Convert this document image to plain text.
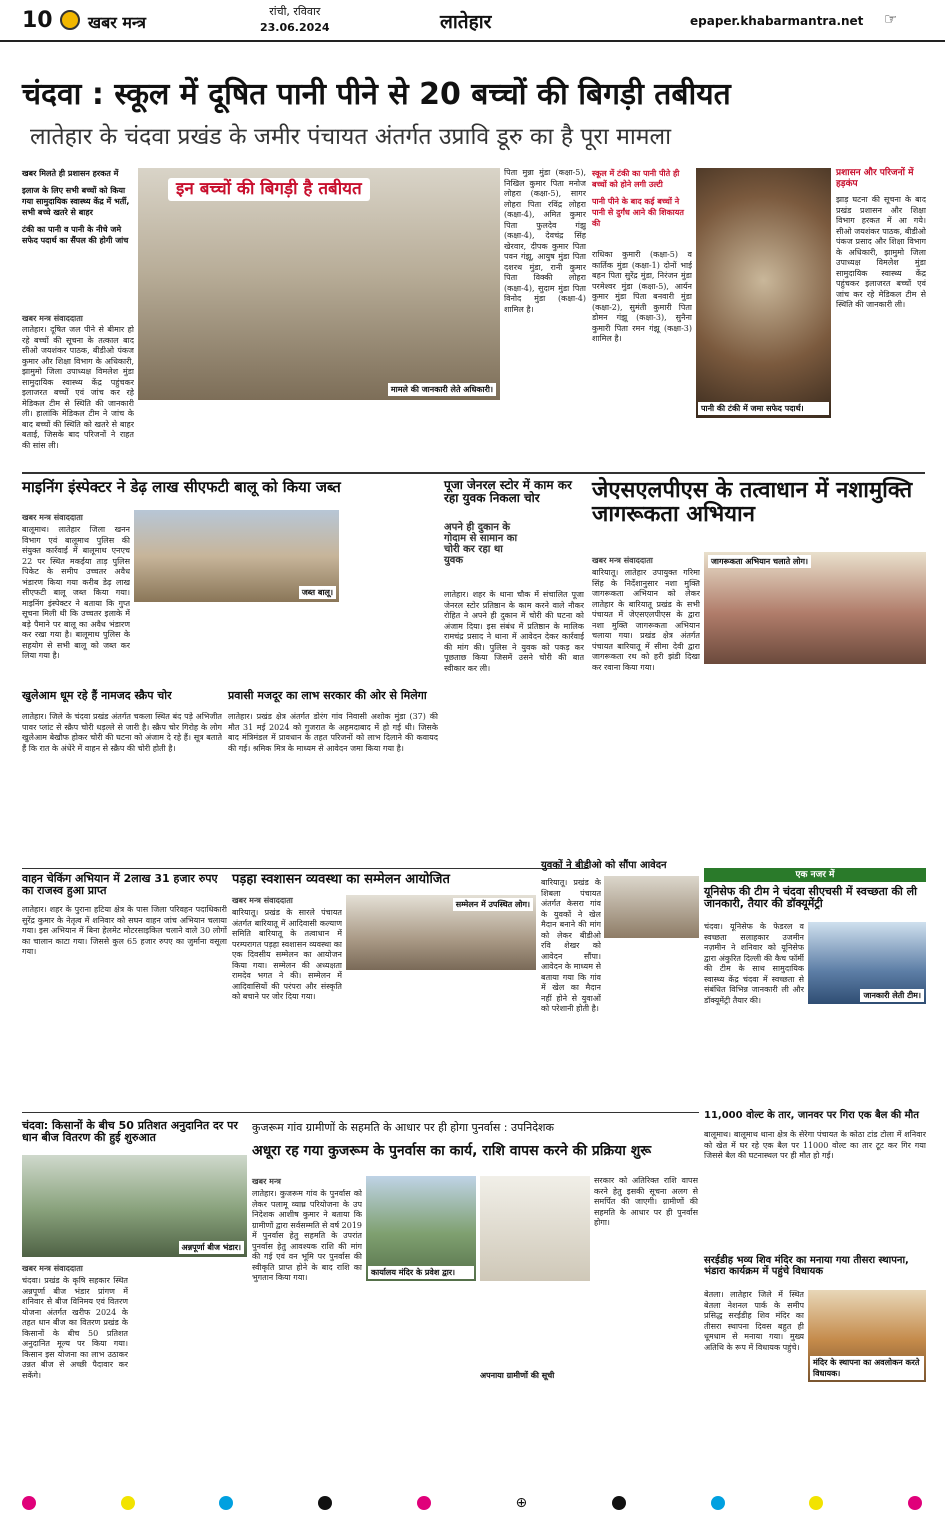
10 खबर मन्त्र
रांची, रविवार
23.06.2024	लातेहार	epaper.khabarmantra.net ☞
चंदवा : स्कूल में दूषित पानी पीने से 20 बच्चों की बिगड़ी तबीयत
लातेहार के चंदवा प्रखंड के जमीर पंचायत अंतर्गत उप्रावि डूरु का है पूरा मामला
खबर मिलते ही प्रशासन हरकत में
इलाज के लिए सभी बच्चों को किया गया सामुदायिक स्वास्थ्य केंद्र में भर्ती, सभी बच्चे खतरे से बाहर
टंकी का पानी व पानी के नीचे जमे सफेद पदार्थ का सैंपल की होगी जांच
खबर मन्त्र संवाददाता
लातेहार। दूषित जल पीने से बीमार हो रहे बच्चों की सूचना के तत्काल बाद सीओ जयशंकर पाठक, बीडीओ पंकज कुमार और शिक्षा विभाग के अधिकारी, झामुमो जिला उपाध्यक्ष विमलेश मुंडा सामुदायिक स्वास्थ्य केंद्र पहुंचकर इलाजरत बच्चों एवं जांच कर रहे मेडिकल टीम से स्थिति की जानकारी ली। हालांकि मेडिकल टीम ने जांच के बाद बच्चों की स्थिति को खतरे से बाहर बताई, जिसके बाद परिजनों ने राहत की सांस ली।
इन बच्चों की बिगड़ी है तबीयत
मामले की जानकारी लेते अधिकारी।
पिता मुन्ना मुंडा (कक्षा-5), निखिल कुमार पिता मनोज लोहरा (कक्षा-5), सागर लोहरा पिता रविंद्र लोहरा (कक्षा-4), अमित कुमार पिता फुलदेव गंझू (कक्षा-4), देवचंद्र सिंह खेरवार, दीपक कुमार पिता पवन गंझू, आयुष मुंडा पिता दशरथ मुंडा, रानी कुमार पिता विक्की लोहरा (कक्षा-4), सुदाम मुंडा पिता विनोद मुंडा (कक्षा-4) शामिल है।
स्कूल में टंकी का पानी पीते ही बच्चों को होने लगी उल्टी
पानी पीने के बाद कई बच्चों ने पानी से दुर्गंध आने की शिकायत की
राधिका कुमारी (कक्षा-5) व कार्तिक मुंडा (कक्षा-1) दोनों भाई बहन पिता सुरेंद्र मुंडा, निरंजन मुंडा परमेश्वर मुंडा (कक्षा-5), आर्यन कुमार मुंडा पिता बनवारी मुंडा (कक्षा-2), सुमंती कुमारी पिता डोमन गंझू (कक्षा-3), सुनैना कुमारी पिता रमन गंझू (कक्षा-3) शामिल है।
पानी की टंकी में जमा सफेद पदार्थ।
प्रशासन और परिजनों में हड़कंप
झाड़ घटना की सूचना के बाद प्रखंड प्रशासन और शिक्षा विभाग हरकत में आ गये। सीओ जयशंकर पाठक, बीडीओ पंकज प्रसाद और शिक्षा विभाग के अधिकारी, झामुमो जिला उपाध्यक्ष विमलेश मुंडा सामुदायिक स्वास्थ्य केंद्र पहुंचकर इलाजरत बच्चों एवं जांच कर रहे मेडिकल टीम से स्थिति की जानकारी ली।
माइनिंग इंस्पेक्टर ने डेढ़ लाख सीएफटी बालू को किया जब्त
खबर मन्त्र संवाददाता
बालूमाथ। लातेहार जिला खनन विभाग एवं बालूमाथ पुलिस की संयुक्त कार्रवाई में बालूमाथ एनएच 22 पर स्थित मकईया ताड़ पुलिस पिकेट के समीप उच्चतर अवैध भंडारण किया गया करीब डेढ़ लाख सीएफटी बालू जब्त किया गया। माइनिंग इंस्पेक्टर ने बताया कि गुप्त सूचना मिली थी कि उच्चतर इलाके में बड़े पैमाने पर बालू का अवैध भंडारण कर रखा गया है। बालूमाथ पुलिस के सहयोग से सभी बालू को जब्त कर लिया गया है।
जब्त बालू।
पूजा जेनरल स्टोर में काम कर रहा युवक निकला चोर
अपने ही दुकान के गोदाम से सामान का चोरी कर रहा था युवक
लातेहार। शहर के थाना चौक में संचालित पूजा जेनरल स्टोर प्रतिष्ठान के काम करने वाले नौकर रोहित ने अपने ही दुकान में चोरी की घटना को अंजाम दिया। इस संबंध में प्रतिष्ठान के मालिक रामचंद्र प्रसाद ने थाना में आवेदन देकर कार्रवाई की मांग की। पुलिस ने युवक को पकड़ कर पूछताछ किया जिसमें उसने चोरी की बात स्वीकार कर ली।
जेएसएलपीएस के तत्वाधान में नशामुक्ति जागरूकता अभियान
खबर मन्त्र संवाददाता
बारियातू। लातेहार उपायुक्त गरिमा सिंह के निर्देशानुसार नशा मुक्ति जागरूकता अभियान को लेकर लातेहार के बारियातू प्रखंड के सभी पंचायत में जेएसएलपीएस के द्वारा नशा मुक्ति जागरूकता अभियान चलाया गया। प्रखंड क्षेत्र अंतर्गत पंचायत बारियातू में सीमा देवी द्वारा जागरूकता रथ को हरी झंडी दिखा कर रवाना किया गया।
जागरूकता अभियान चलाते लोग।
खुलेआम धूम रहे हैं नामजद स्क्रैप चोर
लातेहार। जिले के चंदवा प्रखंड अंतर्गत चकला स्थित बंद पड़े अभिजीत पावर प्लांट से स्क्रैप चोरी धड़ल्ले से जारी है। स्क्रैप चोर गिरोह के लोग खुलेआम बेखौफ होकर चोरी की घटना को अंजाम दे रहे हैं। सूत्र बताते हैं कि रात के अंधेरे में वाहन से स्क्रैप की चोरी होती है।
प्रवासी मजदूर का लाभ सरकार की ओर से मिलेगा
लातेहार। प्रखंड क्षेत्र अंतर्गत डोरंग गांव निवासी अशोक मुंडा (37) की मौत 31 मई 2024 को गुजरात के अहमदाबाद में हो गई थी। जिसके बाद मंत्रिमंडल में प्रावधान के तहत परिजनों को लाभ दिलाने की कवायद की गई। श्रमिक मित्र के माध्यम से आवेदन जमा किया गया है।
वाहन चेकिंग अभियान में 2लाख 31 हजार रुपए का राजस्व हुआ प्राप्त
लातेहार। शहर के पुराना हटिया क्षेत्र के पास जिला परिवहन पदाधिकारी सुरेंद्र कुमार के नेतृत्व में शनिवार को सघन वाहन जांच अभियान चलाया गया। इस अभियान में बिना हेलमेट मोटरसाइकिल चलाने वाले 30 लोगों का चालान काटा गया। जिससे कुल 65 हजार रुपए का जुर्माना वसूला गया।
पड़हा स्वशासन व्यवस्था का सम्मेलन आयोजित
खबर मन्त्र संवाददाता
बारियातू। प्रखंड के सारले पंचायत अंतर्गत बारियातू में आदिवासी कल्याण समिति बारियातू के तत्वाधान में परम्परागत पड़हा स्वशासन व्यवस्था का एक दिवसीय सम्मेलन का आयोजन किया गया। सम्मेलन की अध्यक्षता रामदेव भगत ने की। सम्मेलन में आदिवासियों की परंपरा और संस्कृति को बचाने पर जोर दिया गया।
सम्मेलन में उपस्थित लोग।
युवकों ने बीडीओ को सौंपा आवेदन
बारियातू। प्रखंड के शिबला पंचायत अंतर्गत केसरा गांव के युवकों ने खेल मैदान बनाने की मांग को लेकर बीडीओ रवि शेखर को आवेदन सौंपा। आवेदन के माध्यम से बताया गया कि गांव में खेल का मैदान नहीं होने से युवाओं को परेशानी होती है।
एक नजर में
यूनिसेफ की टीम ने चंदवा सीएचसी में स्वच्छता की ली जानकारी, तैयार की डॉक्यूमेंट्री
चंदवा। यूनिसेफ के फेडरल व स्वच्छता सलाहकार उजमीन नज़मीन ने शनिवार को यूनिसेफ द्वारा अंकुरित दिल्ली की कैच फॉर्मी की टीम के साथ सामुदायिक स्वास्थ्य केंद्र चंदवा में स्वच्छता से संबंधित विभिन्न जानकारी ली और डॉक्यूमेंट्री तैयार की।	जानकारी लेती टीम।
11,000 वोल्ट के तार, जानवर पर गिरा एक बैल की मौत
बालूमाथ। बालूमाथ थाना क्षेत्र के सेरेगा पंचायत के कोठा टांड टोला में शनिवार को खेत में घर रहे एक बैल पर 11000 वोल्ट का तार टूट कर गिर गया जिससे बैल की घटनास्थल पर ही मौत हो गई।
सरईडीह भव्य शिव मंदिर का मनाया गया तीसरा स्थापना, भंडारा कार्यक्रम में पहुंचे विधायक
बेतला। लातेहार जिले में स्थित बेतला नेशनल पार्क के समीप प्रसिद्ध सरईडीह शिव मंदिर का तीसरा स्थापना दिवस बहुत ही धूमधाम से मनाया गया। मुख्य अतिथि के रूप में विधायक पहुंचे।
मंदिर के स्थापना का अवलोकन करते विधायक।
चंदवा: किसानों के बीच 50 प्रतिशत अनुदानित दर पर धान बीज वितरण की हुई शुरुआत
अन्नपूर्णा बीज भंडार।
खबर मन्त्र संवाददाता
चंदवा। प्रखंड के कृषि सहकार स्थित अन्नपूर्णा बीज भंडार प्रांगण में शनिवार से बीज विनिमय एवं वितरण योजना अंतर्गत खरीफ 2024 के तहत धान बीज का वितरण प्रखंड के किसानों के बीच 50 प्रतिशत अनुदानित मूल्य पर किया गया। किसान इस योजना का लाभ उठाकर उन्नत बीज से अच्छी पैदावार कर सकेंगे।
कुजरूम गांव ग्रामीणों के सहमति के आधार पर ही होगा पुनर्वास : उपनिदेशक
अधूरा रह गया कुजरूम के पुनर्वास का कार्य, राशि वापस करने की प्रक्रिया शुरू
खबर मन्त्र
लातेहार। कुजरूम गांव के पुनर्वास को लेकर पलामू व्याघ्र परियोजना के उप निदेशक आशीष कुमार ने बताया कि ग्रामीणों द्वारा सर्वसम्मति से वर्ष 2019 में पुनर्वास हेतु सहमति के उपरांत पुनर्वास हेतु आवश्यक राशि की मांग की गई एवं वन भूमि पर पुनर्वास की स्वीकृति प्राप्त होने के बाद राशि का भुगतान किया गया।
कार्यालय मंदिर के प्रवेश द्वार।
अपनाया ग्रामीणों की सूची
सरकार को अतिरिक्त राशि वापस करने हेतु इसकी सूचना अलग से समर्पित की जाएगी। ग्रामीणों की सहमति के आधार पर ही पुनर्वास होगा।
⊕
